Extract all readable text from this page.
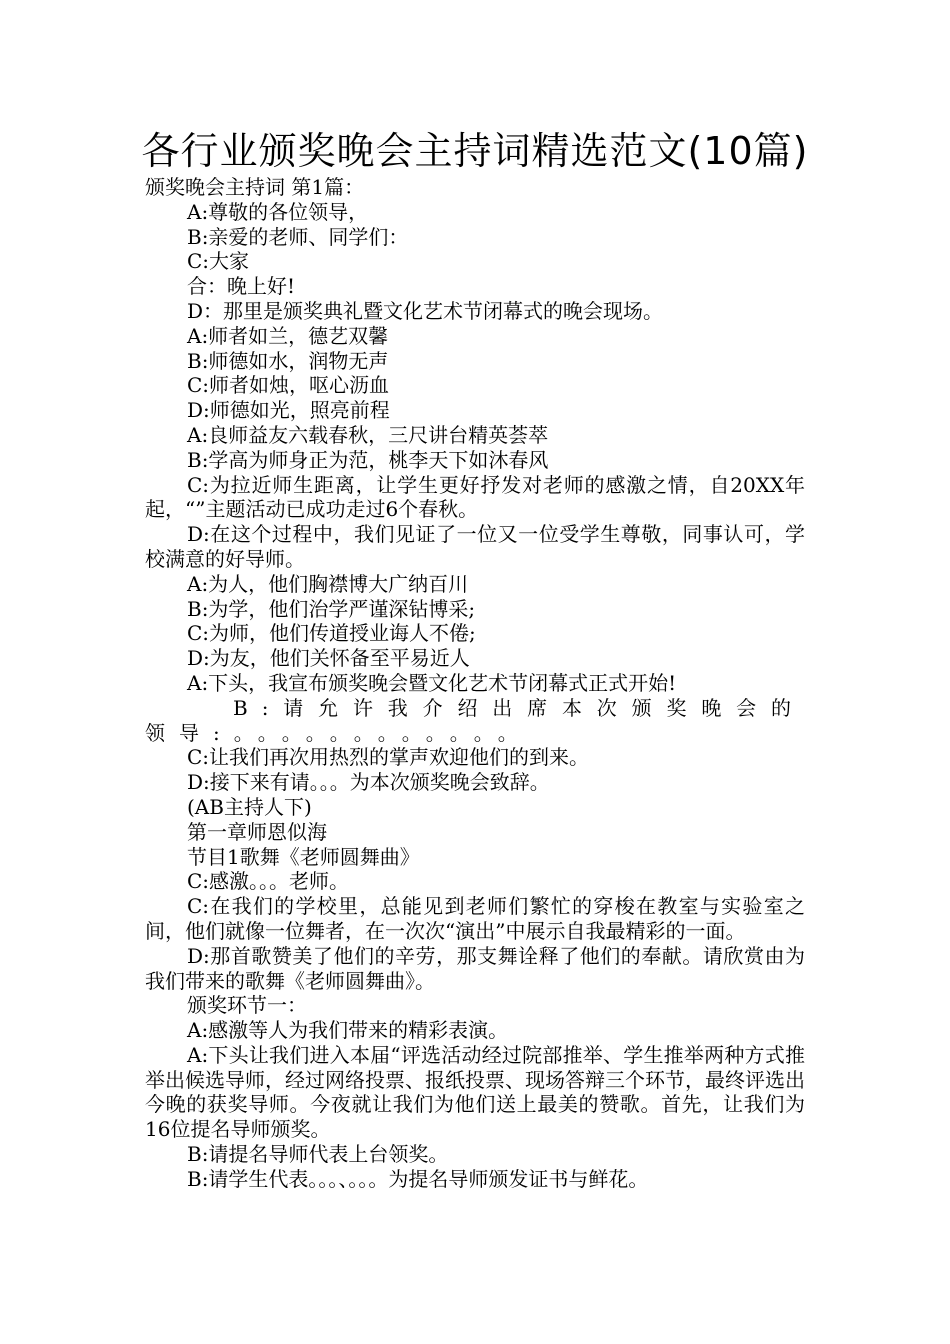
各行业颁奖晚会主持词精选范文(10篇)

颁奖晚会主持词 第1篇：

A:尊敬的各位领导，

B:亲爱的老师、同学们：

C:大家

合：晚上好!

D：那里是颁奖典礼暨文化艺术节闭幕式的晚会现场。

A:师者如兰，德艺双馨

B:师德如水，润物无声

C:师者如烛，呕心沥血

D:师德如光，照亮前程

A:良师益友六载春秋，三尺讲台精英荟萃

B:学高为师身正为范，桃李天下如沐春风

C:为拉近师生距离，让学生更好抒发对老师的感激之情，自20XX年起，“”主题活动已成功走过6个春秋。

D:在这个过程中，我们见证了一位又一位受学生尊敬，同事认可，学校满意的好导师。

A:为人，他们胸襟博大广纳百川

B:为学，他们治学严谨深钻博采;

C:为师，他们传道授业诲人不倦;

D:为友，他们关怀备至平易近人

A:下头，我宣布颁奖晚会暨文化艺术节闭幕式正式开始!

B:请允许我介绍出席本次颁奖晚会的领导:。。。。。。。。。。。。

C:让我们再次用热烈的掌声欢迎他们的到来。

D:接下来有请。。。为本次颁奖晚会致辞。

(AB主持人下)

第一章师恩似海

节目1歌舞《老师圆舞曲》

C:感激。。。老师。

C:在我们的学校里，总能见到老师们繁忙的穿梭在教室与实验室之间，他们就像一位舞者，在一次次“演出”中展示自我最精彩的一面。

D:那首歌赞美了他们的辛劳，那支舞诠释了他们的奉献。请欣赏由为我们带来的歌舞《老师圆舞曲》。

颁奖环节一：

A:感激等人为我们带来的精彩表演。

A:下头让我们进入本届“评选活动经过院部推举、学生推举两种方式推举出候选导师，经过网络投票、报纸投票、现场答辩三个环节，最终评选出今晚的获奖导师。今夜就让我们为他们送上最美的赞歌。首先，让我们为16位提名导师颁奖。

B:请提名导师代表上台领奖。

B:请学生代表。。。、。。。为提名导师颁发证书与鲜花。
